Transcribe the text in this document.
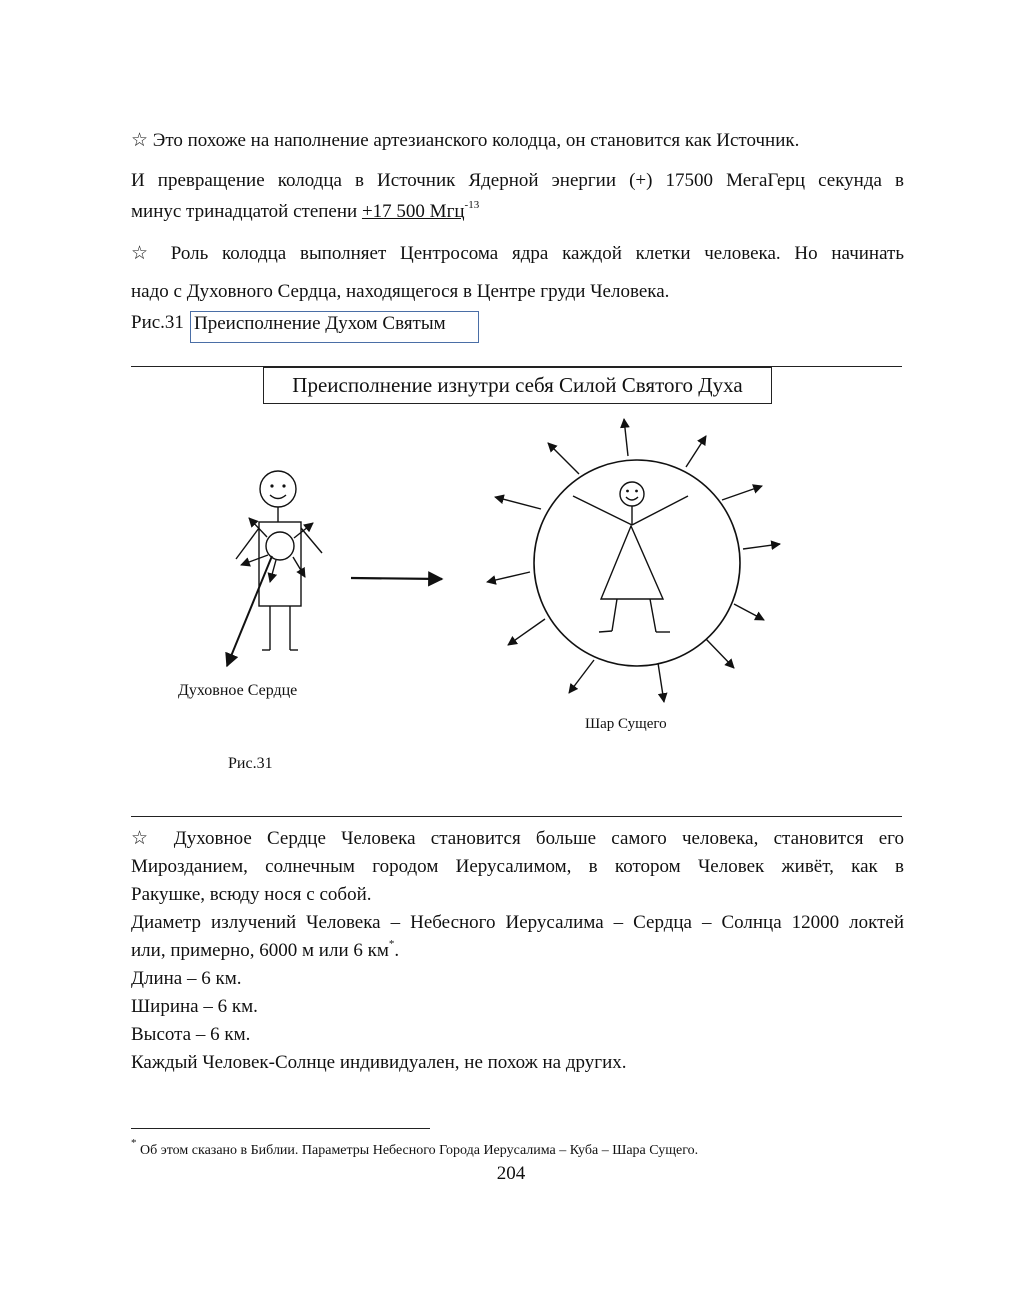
☆ Это похоже на наполнение артезианского колодца, он становится как Источник.
И превращение колодца в Источник Ядерной энергии (+) 17500 МегаГерц секунда в
минус тринадцатой степени +17 500 Мгц$^{-13}$
☆ Роль колодца выполняет Центросома ядра каждой клетки человека. Но начинать
надо с Духовного Сердца, находящегося в Центре груди Человека.
Рис.31 Преисполнение Духом Святым
Преисполнение изнутри себя Силой Святого Духа
Духовное Сердце
Шар Сущего
Рис.31
☆ Духовное Сердце Человека становится больше самого человека, становится его
Мирозданием, солнечным городом Иерусалимом, в котором Человек живёт, как в
Ракушке, всюду нося с собой.
Диаметр излучений Человека – Небесного Иерусалима – Сердца – Солнца 12000 локтей
или, примерно, 6000 м или 6 км*.
Длина – 6 км.
Ширина – 6 км.
Высота – 6 км.
Каждый Человек-Солнце индивидуален, не похож на других.
* Об этом сказано в Библии. Параметры Небесного Города Иерусалима – Куба – Шара Сущего.
204
